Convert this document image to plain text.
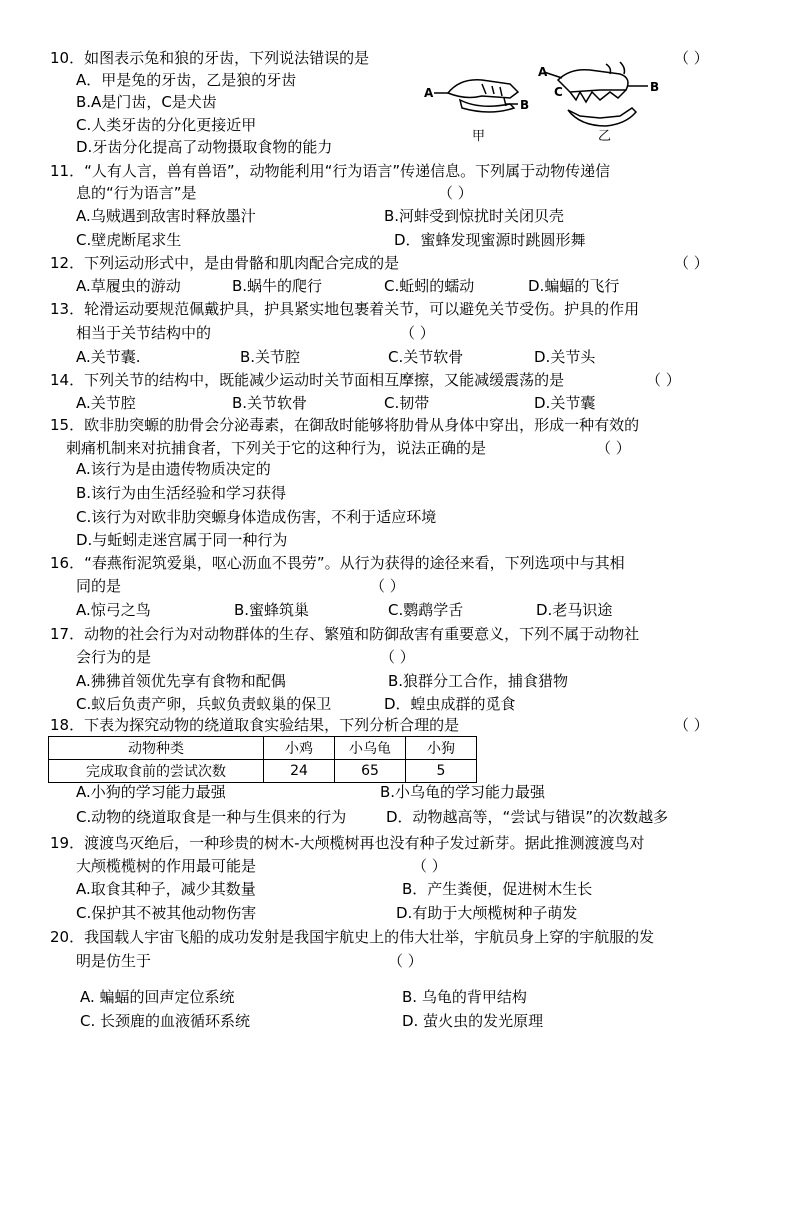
10．如图表示兔和狼的牙齿，下列说法错误的是	（ ）
A．甲是兔的牙齿，乙是狼的牙齿
B.A是门齿，C是犬齿
C.人类牙齿的分化更接近甲
D.牙齿分化提高了动物摄取食物的能力
A
B
甲
A
C	B
乙
11．“人有人言，兽有兽语”，动物能利用“行为语言”传递信息。下列属于动物传递信
息的“行为语言”是	（ ）
A.乌贼遇到敌害时释放墨汁	B.河蚌受到惊扰时关闭贝壳
C.壁虎断尾求生	D．蜜蜂发现蜜源时跳圆形舞
12．下列运动形式中，是由骨骼和肌肉配合完成的是	（ ）
A.草履虫的游动	B.蜗牛的爬行	C.蚯蚓的蠕动	D.蝙蝠的飞行
13．轮滑运动要规范佩戴护具，护具紧实地包裹着关节，可以避免关节受伤。护具的作用
相当于关节结构中的	（ ）
A.关节囊.	B.关节腔	C.关节软骨	D.关节头
14．下列关节的结构中，既能减少运动时关节面相互摩擦，又能减缓震荡的是	（ ）
A.关节腔	B.关节软骨	C.韧带	D.关节囊
15．欧非肋突螈的肋骨会分泌毒素，在御敌时能够将肋骨从身体中穿出，形成一种有效的
刺痛机制来对抗捕食者，下列关于它的这种行为，说法正确的是	（ ）
A.该行为是由遗传物质决定的
B.该行为由生活经验和学习获得
C.该行为对欧非肋突螈身体造成伤害，不利于适应环境
D.与蚯蚓走迷宫属于同一种行为
16．“春燕衔泥筑爱巢，呕心沥血不畏劳”。从行为获得的途径来看，下列选项中与其相
同的是	（ ）
A.惊弓之鸟	B.蜜蜂筑巢	C.鹦鹉学舌	D.老马识途
17．动物的社会行为对动物群体的生存、繁殖和防御敌害有重要意义，下列不属于动物社
会行为的是	（ ）
A.狒狒首领优先享有食物和配偶	B.狼群分工合作，捕食猎物
C.蚁后负责产卵，兵蚁负责蚁巢的保卫	D．蝗虫成群的觅食
18．下表为探究动物的绕道取食实验结果，下列分析合理的是	（ ）
动物种类	小鸡	小乌龟	小狗
完成取食前的尝试次数	24	65	5
A.小狗的学习能力最强	B.小乌龟的学习能力最强
C.动物的绕道取食是一种与生俱来的行为	D．动物越高等，“尝试与错误”的次数越多
19．渡渡鸟灭绝后，一种珍贵的树木-大颅榄树再也没有种子发过新芽。据此推测渡渡鸟对
大颅榄榄树的作用最可能是	（ ）
A.取食其种子，减少其数量	B．产生粪便，促进树木生长
C.保护其不被其他动物伤害	D.有助于大颅榄树种子萌发
20．我国载人宇宙飞船的成功发射是我国宇航史上的伟大壮举，宇航员身上穿的宇航服的发
明是仿生于	（ ）
A. 蝙蝠的回声定位系统	B. 乌龟的背甲结构
C. 长颈鹿的血液循环系统	D. 萤火虫的发光原理
